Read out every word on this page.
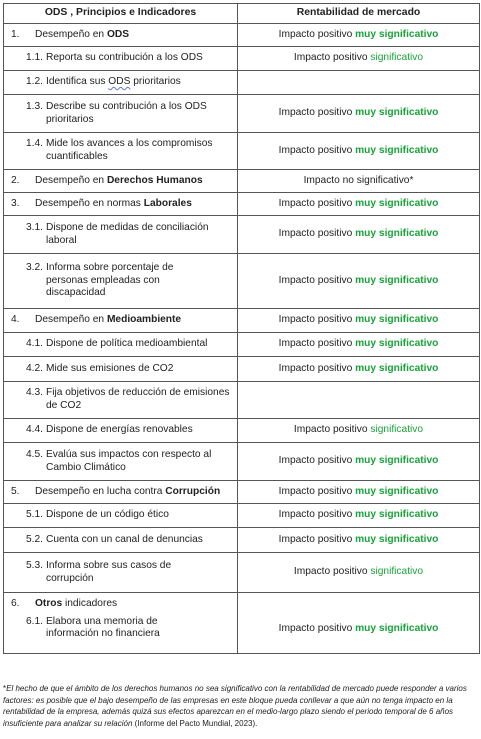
ODS , Principios e Indicadores	Rentabilidad de mercado

1. Desempeño en ODS	Impacto positivo muy significativo

1.1. Reporta su contribución a los ODS	Impacto positivo significativo

1.2. Identifica sus ODS prioritarios	

1.3. Describe su contribución a los ODS prioritarios	Impacto positivo muy significativo

1.4. Mide los avances a los compromisos cuantificables	Impacto positivo muy significativo

2. Desempeño en Derechos Humanos	Impacto no significativo*

3. Desempeño en normas Laborales	Impacto positivo muy significativo

3.1. Dispone de medidas de conciliación laboral	Impacto positivo muy significativo

3.2. Informa sobre porcentaje de personas empleadas con discapacidad	Impacto positivo muy significativo

4. Desempeño en Medioambiente	Impacto positivo muy significativo

4.1. Dispone de política medioambiental	Impacto positivo muy significativo

4.2. Mide sus emisiones de CO2	Impacto positivo muy significativo

4.3. Fija objetivos de reducción de emisiones de CO2	

4.4. Dispone de energías renovables	Impacto positivo significativo

4.5. Evalúa sus impactos con respecto al Cambio Climático	Impacto positivo muy significativo

5. Desempeño en lucha contra Corrupción	Impacto positivo muy significativo

5.1. Dispone de un código ético	Impacto positivo muy significativo

5.2. Cuenta con un canal de denuncias	Impacto positivo muy significativo

5.3. Informa sobre sus casos de corrupción	Impacto positivo significativo

6. Otros indicadores
6.1. Elabora una memoria de información no financiera	Impacto positivo muy significativo
*El hecho de que el ámbito de los derechos humanos no sea significativo con la rentabilidad de mercado puede responder a varios factores: es posible que el bajo desempeño de las empresas en este bloque pueda conllevar a que aún no tenga impacto en la rentabilidad de la empresa, además quizá sus efectos aparezcan en el medio-largo plazo siendo el periodo temporal de 6 años insuficiente para analizar su relación (Informe del Pacto Mundial, 2023).
